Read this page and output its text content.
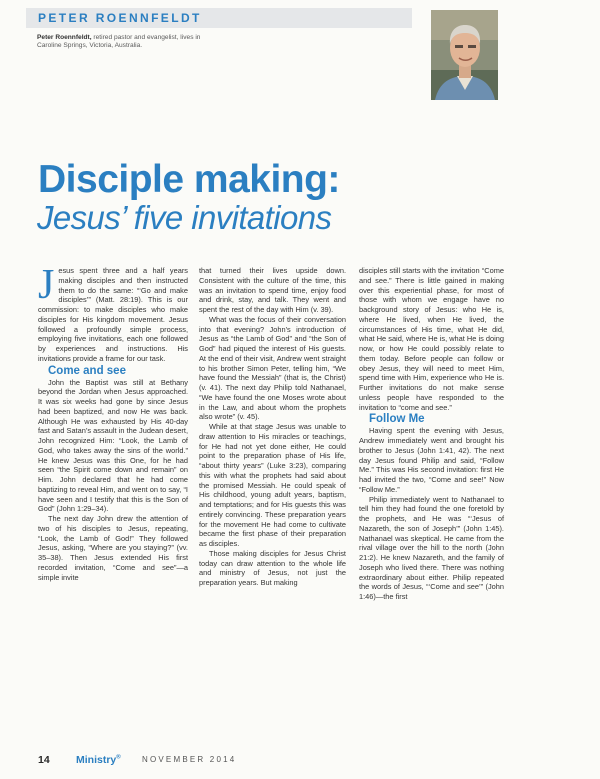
PETER ROENNFELDT
Peter Roennfeldt, retired pastor and evangelist, lives in Caroline Springs, Victoria, Australia.
Disciple making:
Jesus’ five invitations

Jesus spent three and a half years making disciples and then instructed them to do the same: “‘Go and make disciples’” (Matt. 28:19). This is our commission: to make disciples who make disciples for His kingdom movement. Jesus followed a profoundly simple process, employing five invitations, each one followed by experiences and instructions. His invitations provide a frame for our task.

Come and see

John the Baptist was still at Bethany beyond the Jordan when Jesus approached. It was six weeks had gone by since Jesus had been baptized, and now He was back. Although He was exhausted by His 40-day fast and Satan’s assault in the Judean desert, John recognized Him: “Look, the Lamb of God, who takes away the sins of the world.” He knew Jesus was this One, for he had seen “the Spirit come down and remain” on Him. John declared that he had come baptizing to reveal Him, and went on to say, “I have seen and I testify that this is the Son of God” (John 1:29–34).

The next day John drew the attention of two of his disciples to Jesus, repeating, “Look, the Lamb of God!” They followed Jesus, asking, “Where are you staying?” (vv. 35–38). Then Jesus extended His first recorded invitation, “Come and see”—a simple invite

that turned their lives upside down. Consistent with the culture of the time, this was an invitation to spend time, enjoy food and drink, stay, and talk. They went and spent the rest of the day with Him (v. 39).

What was the focus of their conversation into that evening? John’s introduction of Jesus as “the Lamb of God” and “the Son of God” had piqued the interest of His guests. At the end of their visit, Andrew went straight to his brother Simon Peter, telling him, “We have found the Messiah” (that is, the Christ) (v. 41). The next day Philip told Nathanael, “We have found the one Moses wrote about in the Law, and about whom the prophets also wrote” (v. 45).

While at that stage Jesus was unable to draw attention to His miracles or teachings, for He had not yet done either, He could point to the preparation phase of His life, “about thirty years” (Luke 3:23), comparing this with what the prophets had said about the promised Messiah. He could speak of His childhood, young adult years, baptism, and temptations; and for His guests this was entirely convincing. These preparation years for the movement He had come to cultivate became the first phase of their preparation as disciples.

Those making disciples for Jesus Christ today can draw attention to the whole life and ministry of Jesus, not just the preparation years. But making

disciples still starts with the invitation “Come and see.” There is little gained in making over this experiential phase, for most of those with whom we engage have no background story of Jesus: who He is, where He lived, when He lived, the circumstances of His time, what He did, what He said, where He is, what He is doing now, or how He could possibly relate to them today. Before people can follow or obey Jesus, they will need to meet Him, spend time with Him, experience who He is. Further invitations do not make sense unless people have responded to the invitation to “come and see.”

Follow Me

Having spent the evening with Jesus, Andrew immediately went and brought his brother to Jesus (John 1:41, 42). The next day Jesus found Philip and said, “Follow Me.” This was His second invitation: first He had invited the two, “Come and see!” Now “Follow Me.”

Philip immediately went to Nathanael to tell him they had found the one foretold by the prophets, and He was “‘Jesus of Nazareth, the son of Joseph’” (John 1:45). Nathanael was skeptical. He came from the rival village over the hill to the north (John 21:2). He knew Nazareth, and the family of Joseph who lived there. There was nothing extraordinary about either. Philip repeated the words of Jesus, “‘Come and see’” (John 1:46)—the first

14	Ministry®	NOVEMBER 2014
